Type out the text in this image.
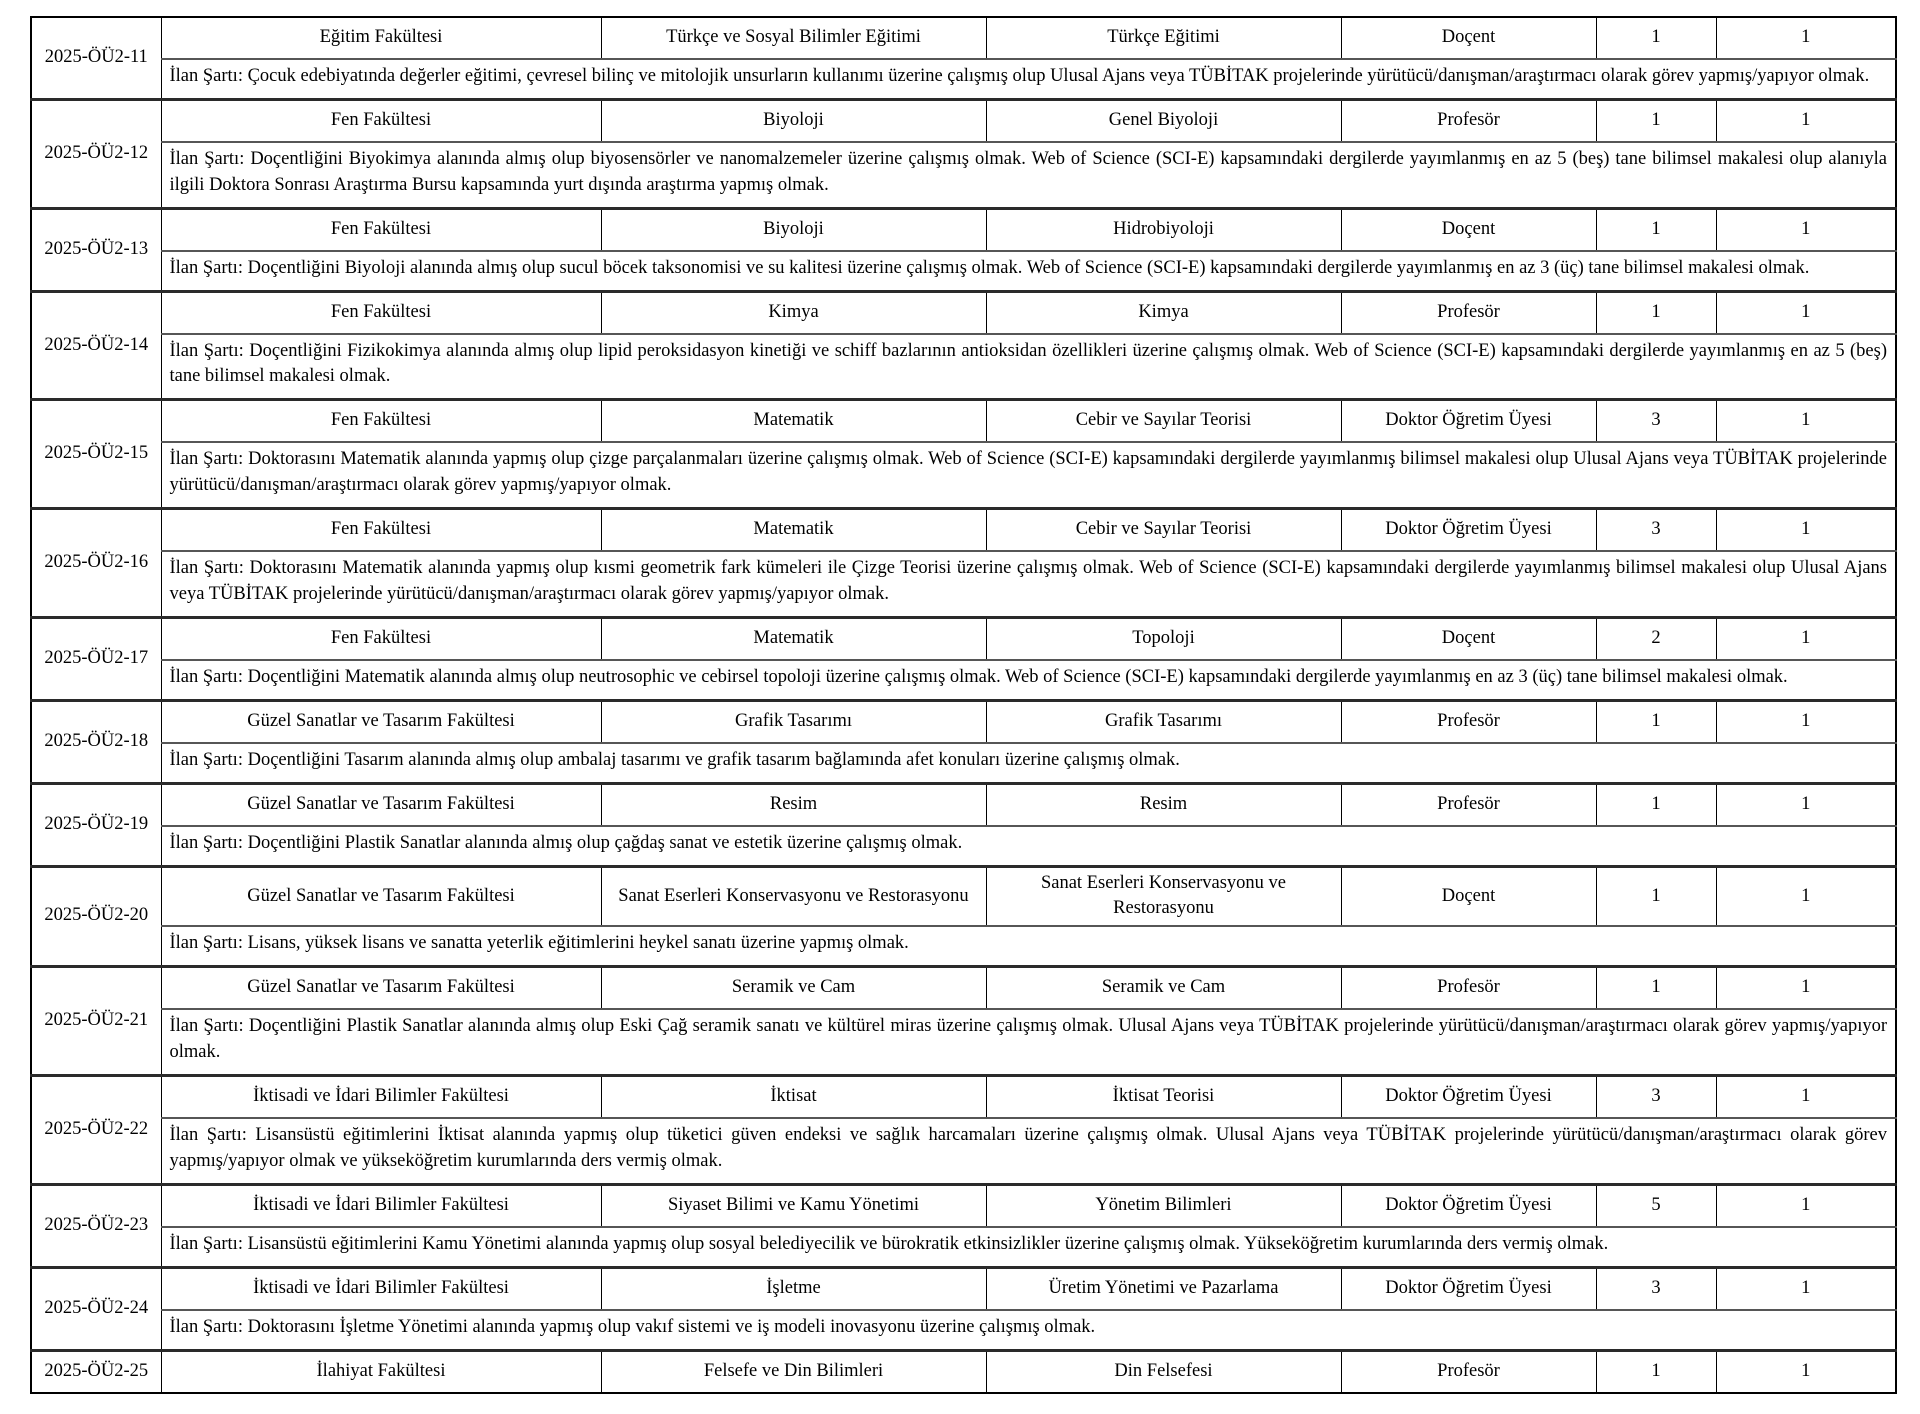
2025-ÖÜ2-11	Eğitim Fakültesi	Türkçe ve Sosyal Bilimler Eğitimi	Türkçe Eğitimi	Doçent	1	1
	İlan Şartı: Çocuk edebiyatında değerler eğitimi, çevresel bilinç ve mitolojik unsurların kullanımı üzerine çalışmış olup Ulusal Ajans veya TÜBİTAK projelerinde yürütücü/danışman/araştırmacı olarak görev yapmış/yapıyor olmak.					
2025-ÖÜ2-12	Fen Fakültesi	Biyoloji	Genel Biyoloji	Profesör	1	1
	İlan Şartı: Doçentliğini Biyokimya alanında almış olup biyosensörler ve nanomalzemeler üzerine çalışmış olmak. Web of Science (SCI-E) kapsamındaki dergilerde yayımlanmış en az 5 (beş) tane bilimsel makalesi olup alanıyla ilgili Doktora Sonrası Araştırma Bursu kapsamında yurt dışında araştırma yapmış olmak.					
2025-ÖÜ2-13	Fen Fakültesi	Biyoloji	Hidrobiyoloji	Doçent	1	1
	İlan Şartı: Doçentliğini Biyoloji alanında almış olup sucul böcek taksonomisi ve su kalitesi üzerine çalışmış olmak. Web of Science (SCI-E) kapsamındaki dergilerde yayımlanmış en az 3 (üç) tane bilimsel makalesi olmak.					
2025-ÖÜ2-14	Fen Fakültesi	Kimya	Kimya	Profesör	1	1
	İlan Şartı: Doçentliğini Fizikokimya alanında almış olup lipid peroksidasyon kinetiği ve schiff bazlarının antioksidan özellikleri üzerine çalışmış olmak. Web of Science (SCI-E) kapsamındaki dergilerde yayımlanmış en az 5 (beş) tane bilimsel makalesi olmak.					
2025-ÖÜ2-15	Fen Fakültesi	Matematik	Cebir ve Sayılar Teorisi	Doktor Öğretim Üyesi	3	1
	İlan Şartı: Doktorasını Matematik alanında yapmış olup çizge parçalanmaları üzerine çalışmış olmak. Web of Science (SCI-E) kapsamındaki dergilerde yayımlanmış bilimsel makalesi olup Ulusal Ajans veya TÜBİTAK projelerinde yürütücü/danışman/araştırmacı olarak görev yapmış/yapıyor olmak.					
2025-ÖÜ2-16	Fen Fakültesi	Matematik	Cebir ve Sayılar Teorisi	Doktor Öğretim Üyesi	3	1
	İlan Şartı: Doktorasını Matematik alanında yapmış olup kısmi geometrik fark kümeleri ile Çizge Teorisi üzerine çalışmış olmak. Web of Science (SCI-E) kapsamındaki dergilerde yayımlanmış bilimsel makalesi olup Ulusal Ajans veya TÜBİTAK projelerinde yürütücü/danışman/araştırmacı olarak görev yapmış/yapıyor olmak.					
2025-ÖÜ2-17	Fen Fakültesi	Matematik	Topoloji	Doçent	2	1
	İlan Şartı: Doçentliğini Matematik alanında almış olup neutrosophic ve cebirsel topoloji üzerine çalışmış olmak. Web of Science (SCI-E) kapsamındaki dergilerde yayımlanmış en az 3 (üç) tane bilimsel makalesi olmak.					
2025-ÖÜ2-18	Güzel Sanatlar ve Tasarım Fakültesi	Grafik Tasarımı	Grafik Tasarımı	Profesör	1	1
	İlan Şartı: Doçentliğini Tasarım alanında almış olup ambalaj tasarımı ve grafik tasarım bağlamında afet konuları üzerine çalışmış olmak.					
2025-ÖÜ2-19	Güzel Sanatlar ve Tasarım Fakültesi	Resim	Resim	Profesör	1	1
	İlan Şartı: Doçentliğini Plastik Sanatlar alanında almış olup çağdaş sanat ve estetik üzerine çalışmış olmak.					
2025-ÖÜ2-20	Güzel Sanatlar ve Tasarım Fakültesi	Sanat Eserleri Konservasyonu ve Restorasyonu	Sanat Eserleri Konservasyonu ve Restorasyonu	Doçent	1	1
	İlan Şartı: Lisans, yüksek lisans ve sanatta yeterlik eğitimlerini heykel sanatı üzerine yapmış olmak.					
2025-ÖÜ2-21	Güzel Sanatlar ve Tasarım Fakültesi	Seramik ve Cam	Seramik ve Cam	Profesör	1	1
	İlan Şartı: Doçentliğini Plastik Sanatlar alanında almış olup Eski Çağ seramik sanatı ve kültürel miras üzerine çalışmış olmak. Ulusal Ajans veya TÜBİTAK projelerinde yürütücü/danışman/araştırmacı olarak görev yapmış/yapıyor olmak.					
2025-ÖÜ2-22	İktisadi ve İdari Bilimler Fakültesi	İktisat	İktisat Teorisi	Doktor Öğretim Üyesi	3	1
	İlan Şartı: Lisansüstü eğitimlerini İktisat alanında yapmış olup tüketici güven endeksi ve sağlık harcamaları üzerine çalışmış olmak. Ulusal Ajans veya TÜBİTAK projelerinde yürütücü/danışman/araştırmacı olarak görev yapmış/yapıyor olmak ve yükseköğretim kurumlarında ders vermiş olmak.					
2025-ÖÜ2-23	İktisadi ve İdari Bilimler Fakültesi	Siyaset Bilimi ve Kamu Yönetimi	Yönetim Bilimleri	Doktor Öğretim Üyesi	5	1
	İlan Şartı: Lisansüstü eğitimlerini Kamu Yönetimi alanında yapmış olup sosyal belediyecilik ve bürokratik etkinsizlikler üzerine çalışmış olmak. Yükseköğretim kurumlarında ders vermiş olmak.					
2025-ÖÜ2-24	İktisadi ve İdari Bilimler Fakültesi	İşletme	Üretim Yönetimi ve Pazarlama	Doktor Öğretim Üyesi	3	1
	İlan Şartı: Doktorasını İşletme Yönetimi alanında yapmış olup vakıf sistemi ve iş modeli inovasyonu üzerine çalışmış olmak.					
2025-ÖÜ2-25	İlahiyat Fakültesi	Felsefe ve Din Bilimleri	Din Felsefesi	Profesör	1	1
